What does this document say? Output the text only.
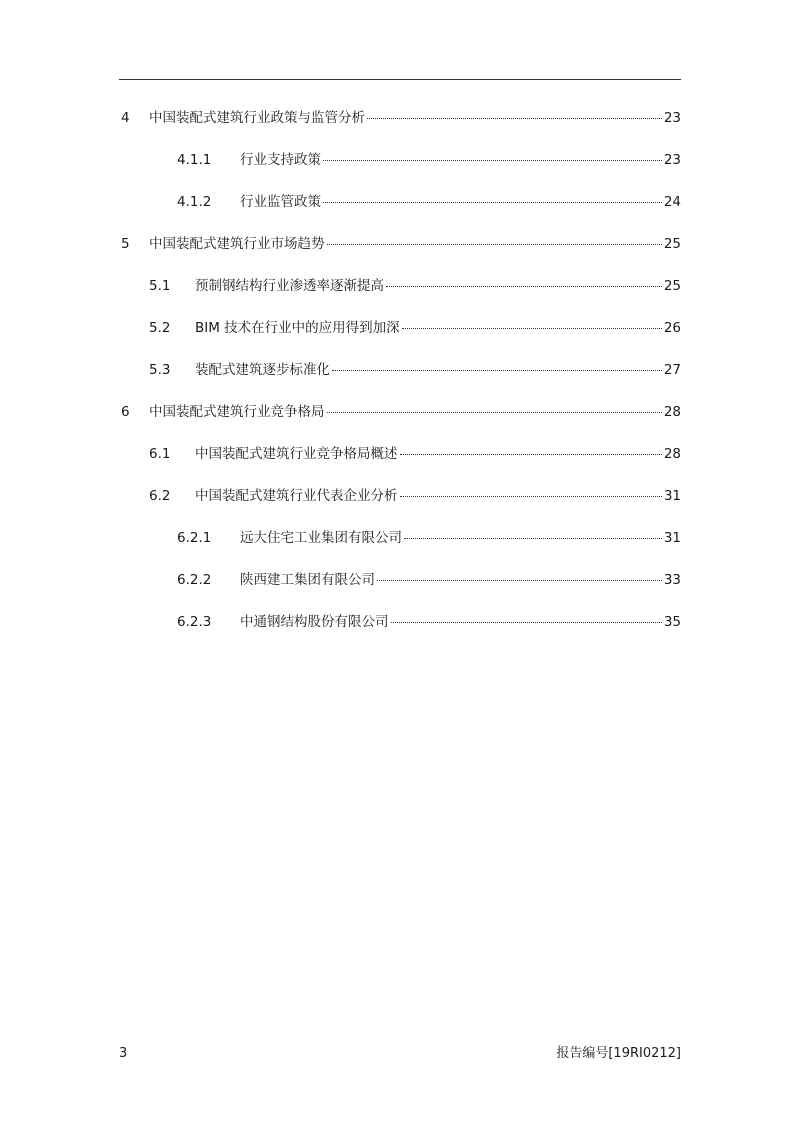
4 中国装配式建筑行业政策与监管分析	23
4.1.1 行业支持政策	23
4.1.2 行业监管政策	24
5 中国装配式建筑行业市场趋势	25
5.1 预制钢结构行业渗透率逐渐提高	25
5.2 BIM 技术在行业中的应用得到加深	26
5.3 装配式建筑逐步标准化	27
6 中国装配式建筑行业竞争格局	28
6.1 中国装配式建筑行业竞争格局概述	28
6.2 中国装配式建筑行业代表企业分析	31
6.2.1 远大住宅工业集团有限公司	31
6.2.2 陕西建工集团有限公司	33
6.2.3 中通钢结构股份有限公司	35
3	报告编号[19RI0212]
